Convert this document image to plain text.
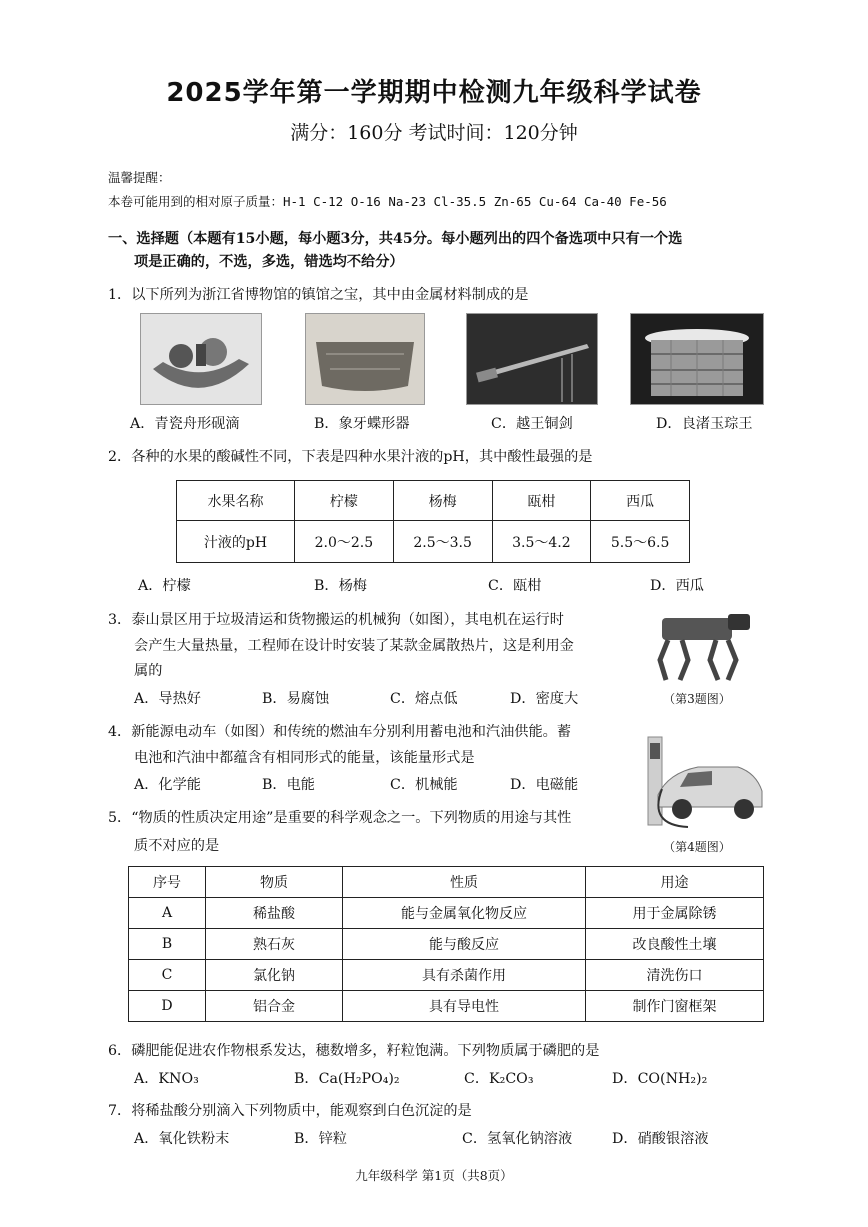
2025学年第一学期期中检测九年级科学试卷
满分：160分 考试时间：120分钟
温馨提醒：
本卷可能用到的相对原子质量：H-1 C-12 O-16 Na-23 Cl-35.5 Zn-65 Cu-64 Ca-40 Fe-56
一、选择题（本题有15小题，每小题3分，共45分。每小题列出的四个备选项中只有一个选
项是正确的，不选，多选，错选均不给分）
1．以下所列为浙江省博物馆的镇馆之宝，其中由金属材料制成的是
A．青瓷舟形砚滴	B．象牙蝶形器	C．越王铜剑	D．良渚玉琮王
2．各种的水果的酸碱性不同，下表是四种水果汁液的pH，其中酸性最强的是
水果名称	柠檬	杨梅	瓯柑	西瓜
汁液的pH	2.0～2.5	2.5～3.5	3.5～4.2	5.5～6.5
A．柠檬	B．杨梅	C．瓯柑	D．西瓜
3．泰山景区用于垃圾清运和货物搬运的机械狗（如图），其电机在运行时
会产生大量热量，工程师在设计时安装了某款金属散热片，这是利用金
属的
A．导热好	B．易腐蚀	C．熔点低	D．密度大	（第3题图）
4．新能源电动车（如图）和传统的燃油车分别利用蓄电池和汽油供能。蓄
电池和汽油中都蕴含有相同形式的能量，该能量形式是
A．化学能	B．电能	C．机械能	D．电磁能
（第4题图）
5．“物质的性质决定用途”是重要的科学观念之一。下列物质的用途与其性
质不对应的是
序号	物质	性质	用途
A	稀盐酸	能与金属氧化物反应	用于金属除锈
B	熟石灰	能与酸反应	改良酸性土壤
C	氯化钠	具有杀菌作用	清洗伤口
D	铝合金	具有导电性	制作门窗框架
6．磷肥能促进农作物根系发达，穗数增多，籽粒饱满。下列物质属于磷肥的是
A．KNO₃	B．Ca(H₂PO₄)₂	C．K₂CO₃	D．CO(NH₂)₂
7．将稀盐酸分别滴入下列物质中，能观察到白色沉淀的是
A．氧化铁粉末	B．锌粒	C．氢氧化钠溶液	D．硝酸银溶液
九年级科学 第1页（共8页）
